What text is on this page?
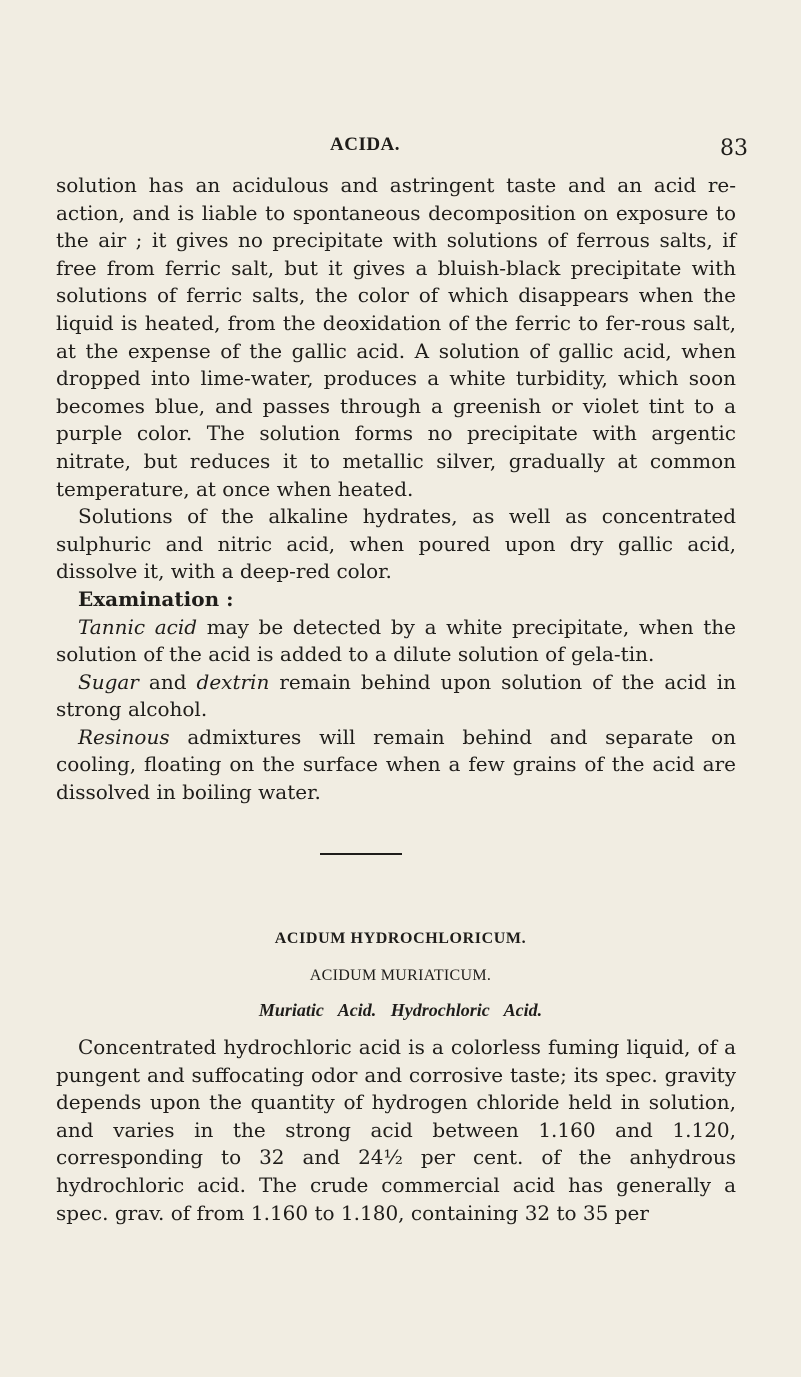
ACIDA.	83

solution has an acidulous and astringent taste and an acid re-action, and is liable to spontaneous decomposition on exposure to the air ; it gives no precipitate with solutions of ferrous salts, if free from ferric salt, but it gives a bluish-black precipitate with solutions of ferric salts, the color of which disappears when the liquid is heated, from the deoxidation of the ferric to fer-rous salt, at the expense of the gallic acid. A solution of gallic acid, when dropped into lime-water, produces a white turbidity, which soon becomes blue, and passes through a greenish or violet tint to a purple color. The solution forms no precipitate with argentic nitrate, but reduces it to metallic silver, gradually at common temperature, at once when heated.

Solutions of the alkaline hydrates, as well as concentrated sulphuric and nitric acid, when poured upon dry gallic acid, dissolve it, with a deep-red color.

Examination :

Tannic acid may be detected by a white precipitate, when the solution of the acid is added to a dilute solution of gela-tin.

Sugar and dextrin remain behind upon solution of the acid in strong alcohol.

Resinous admixtures will remain behind and separate on cooling, floating on the surface when a few grains of the acid are dissolved in boiling water.

ACIDUM HYDROCHLORICUM.
ACIDUM MURIATICUM.
Muriatic Acid. Hydrochloric Acid.

Concentrated hydrochloric acid is a colorless fuming liquid, of a pungent and suffocating odor and corrosive taste; its spec. gravity depends upon the quantity of hydrogen chloride held in solution, and varies in the strong acid between 1.160 and 1.120, corresponding to 32 and 24½ per cent. of the anhydrous hydrochloric acid. The crude commercial acid has generally a spec. grav. of from 1.160 to 1.180, containing 32 to 35 per
